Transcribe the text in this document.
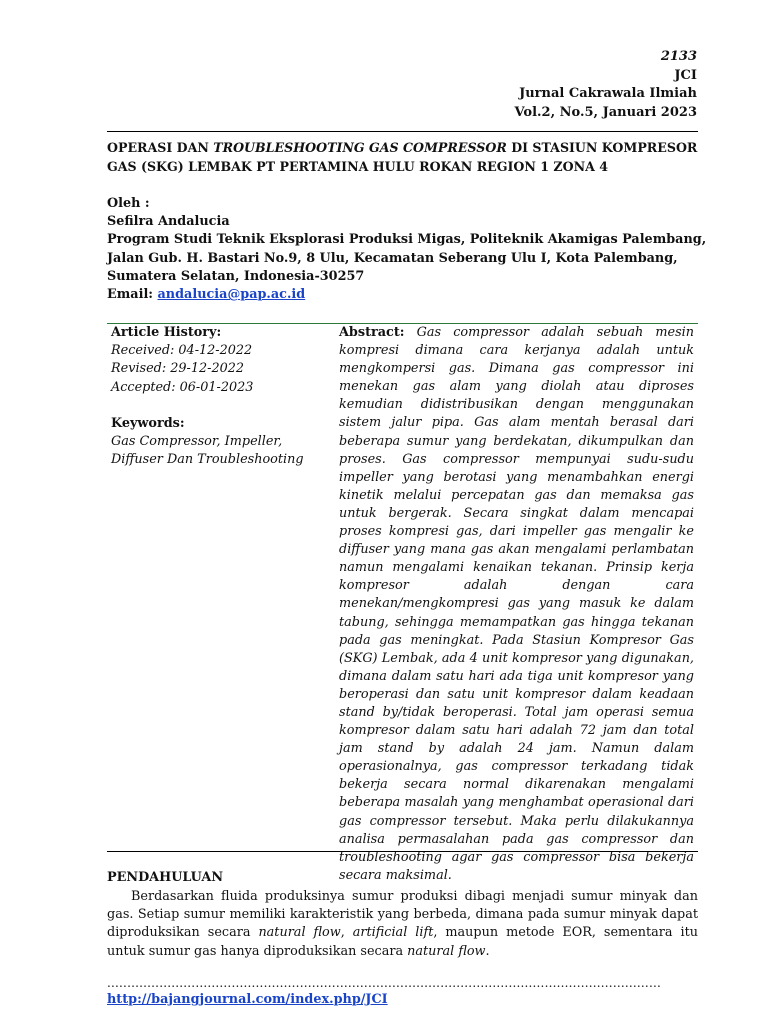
2133
JCI
Jurnal Cakrawala Ilmiah
Vol.2, No.5, Januari 2023
OPERASI DAN TROUBLESHOOTING GAS COMPRESSOR DI STASIUN KOMPRESOR GAS (SKG) LEMBAK PT PERTAMINA HULU ROKAN REGION 1 ZONA 4
Oleh :
Sefilra Andalucia
Program Studi Teknik Eksplorasi Produksi Migas, Politeknik Akamigas Palembang, Jalan Gub. H. Bastari No.9, 8 Ulu, Kecamatan Seberang Ulu I, Kota Palembang, Sumatera Selatan, Indonesia-30257
Email: andalucia@pap.ac.id
Article History:
Received: 04-12-2022
Revised: 29-12-2022
Accepted: 06-01-2023
Keywords:
Gas Compressor, Impeller, Diffuser Dan Troubleshooting
Abstract: Gas compressor adalah sebuah mesin kompresi dimana cara kerjanya adalah untuk mengkompersi gas. Dimana gas compressor ini menekan gas alam yang diolah atau diproses kemudian didistribusikan dengan menggunakan sistem jalur pipa. Gas alam mentah berasal dari beberapa sumur yang berdekatan, dikumpulkan dan proses. Gas compressor mempunyai sudu-sudu impeller yang berotasi yang menambahkan energi kinetik melalui percepatan gas dan memaksa gas untuk bergerak. Secara singkat dalam mencapai proses kompresi gas, dari impeller gas mengalir ke diffuser yang mana gas akan mengalami perlambatan namun mengalami kenaikan tekanan. Prinsip kerja kompresor adalah dengan cara menekan/mengkompresi gas yang masuk ke dalam tabung, sehingga memampatkan gas hingga tekanan pada gas meningkat. Pada Stasiun Kompresor Gas (SKG) Lembak, ada 4 unit kompresor yang digunakan, dimana dalam satu hari ada tiga unit kompresor yang beroperasi dan satu unit kompresor dalam keadaan stand by/tidak beroperasi. Total jam operasi semua kompresor dalam satu hari adalah 72 jam dan total jam stand by adalah 24 jam. Namun dalam operasionalnya, gas compressor terkadang tidak bekerja secara normal dikarenakan mengalami beberapa masalah yang menghambat operasional dari gas compressor tersebut. Maka perlu dilakukannya analisa permasalahan pada gas compressor dan troubleshooting agar gas compressor bisa bekerja secara maksimal.
PENDAHULUAN
Berdasarkan fluida produksinya sumur produksi dibagi menjadi sumur minyak dan gas. Setiap sumur memiliki karakteristik yang berbeda, dimana pada sumur minyak dapat diproduksikan secara natural flow, artificial lift, maupun metode EOR, sementara itu untuk sumur gas hanya diproduksikan secara natural flow.
..........................................................................................................................................
http://bajangjournal.com/index.php/JCI
